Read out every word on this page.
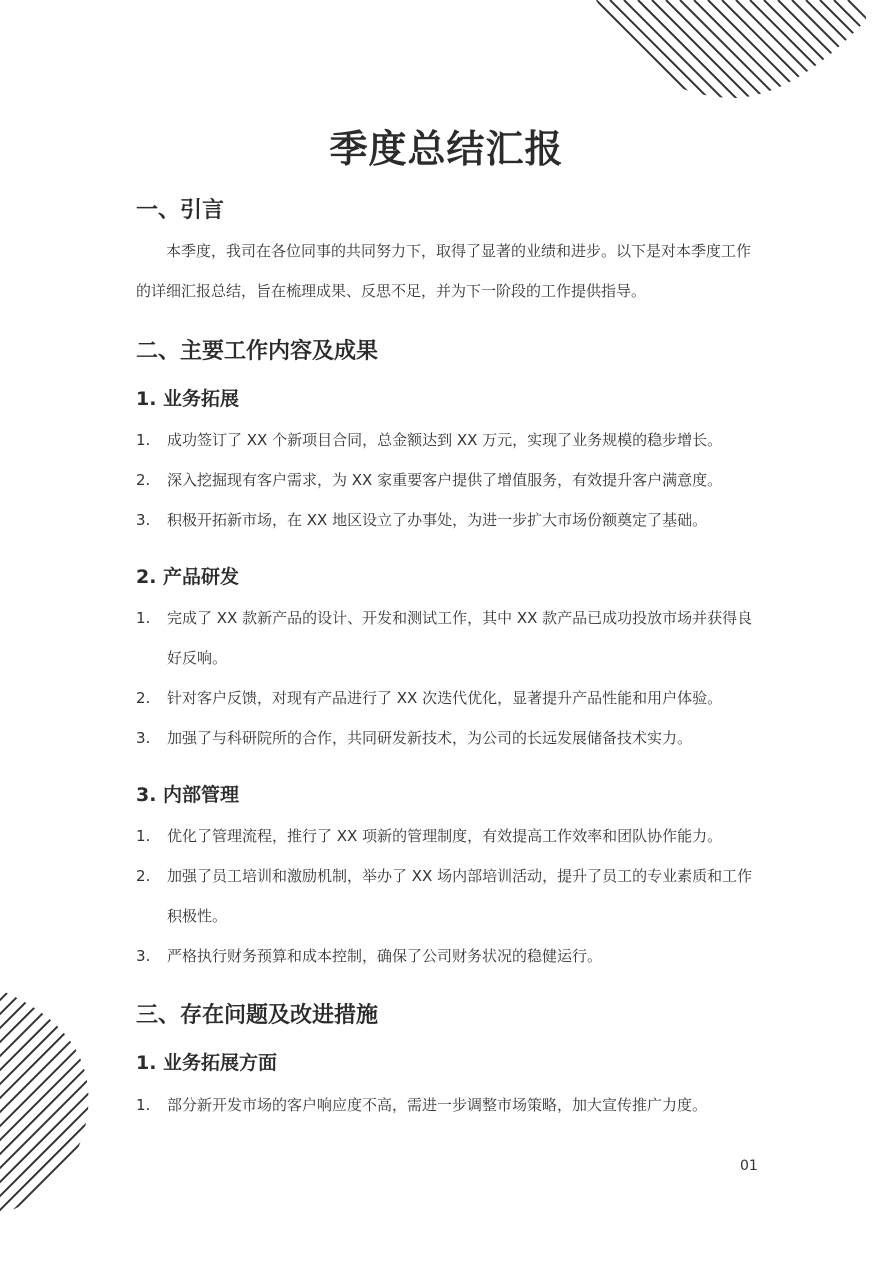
季度总结汇报
一、引言

本季度，我司在各位同事的共同努力下，取得了显著的业绩和进步。以下是对本季度工作的详细汇报总结，旨在梳理成果、反思不足，并为下一阶段的工作提供指导。

二、主要工作内容及成果
1. 业务拓展
1. 成功签订了 XX 个新项目合同，总金额达到 XX 万元，实现了业务规模的稳步增长。
2. 深入挖掘现有客户需求，为 XX 家重要客户提供了增值服务，有效提升客户满意度。
3. 积极开拓新市场，在 XX 地区设立了办事处，为进一步扩大市场份额奠定了基础。
2. 产品研发
1. 完成了 XX 款新产品的设计、开发和测试工作，其中 XX 款产品已成功投放市场并获得良好反响。
2. 针对客户反馈，对现有产品进行了 XX 次迭代优化，显著提升产品性能和用户体验。
3. 加强了与科研院所的合作，共同研发新技术，为公司的长远发展储备技术实力。
3. 内部管理
1. 优化了管理流程，推行了 XX 项新的管理制度，有效提高工作效率和团队协作能力。
2. 加强了员工培训和激励机制，举办了 XX 场内部培训活动，提升了员工的专业素质和工作积极性。
3. 严格执行财务预算和成本控制，确保了公司财务状况的稳健运行。
三、存在问题及改进措施
1. 业务拓展方面
1. 部分新开发市场的客户响应度不高，需进一步调整市场策略，加大宣传推广力度。
01
